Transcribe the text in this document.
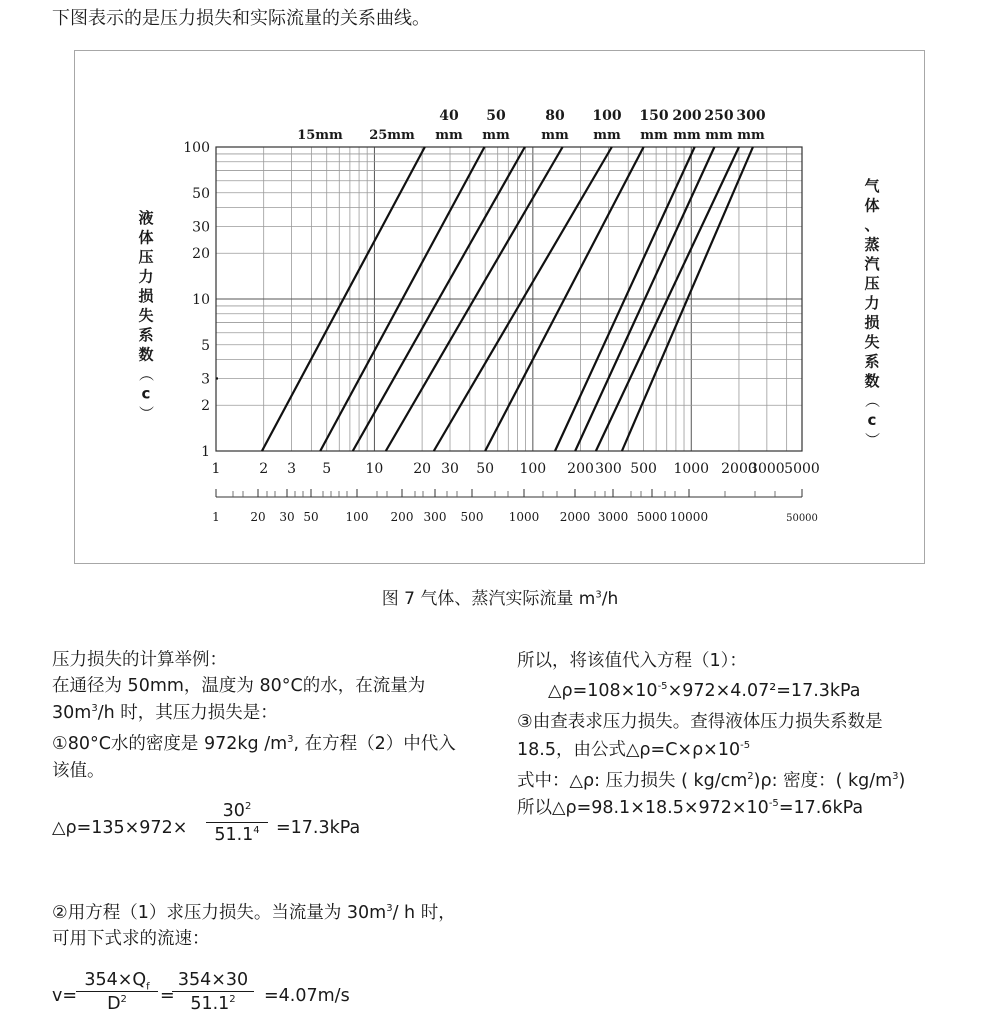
下图表示的是压力损失和实际流量的关系曲线。
100
50
30
20
10
5
3
2
1
1	2 3 5 10 20 30 50 100 200 300 500 1000 2000
3000 5000
1	20 30 50 100 200 300 500 1000 2000 3000 5000 10000	50000
40 50	80 100 150 200 250 300
15mm 25mm mm mm mm mm mm mm mm mm
液
体
压
力
损
失
系
数
（
c
）
气
体
、
蒸
汽
压
力
损
失
系
数
（
c
）
图 7 气体、蒸汽实际流量 $m^3/h$
压力损失的计算举例：
在通径为 50mm，温度为 80°C的水，在流量为
$30m^3/h$ 时，其压力损失是：
①80°C水的密度是 972kg $/m^3$, 在方程（2）中代入
该值。
△ρ=135×972× $\frac{30^2}{51.1^4} =17.3kPa$
②用方程（1）求压力损失。当流量为 $30m^3/$ h 时，
可用下式求的流速：
v=
$\frac{354\times Q_f}{D^2}$ =
$\frac{354\times 30}{51.1^2} =4.07m/s$
所以，将该值代入方程（1）：
$\triangle\rho=108\times 10^{-5}\times 972\times 4.07^2=17.3kPa$
③由查表求压力损失。查得液体压力损失系数是
18.5，由公式$\triangle\rho=C\times\rho\times 10^{-5}$
式中：△ρ: 压力损失 ( $kg/cm^2)\rho$: 密度：( $kg/m^3$)
所以$\triangle\rho=98.1\times 18.5\times 972\times 10^{-5}=17.6kPa$
